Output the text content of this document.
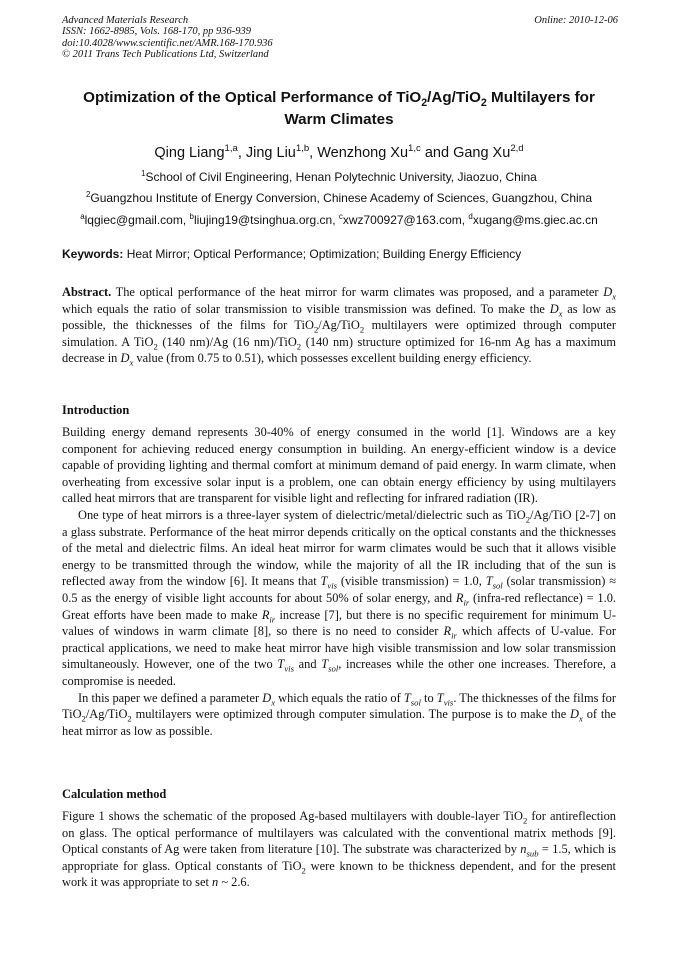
Advanced Materials Research
ISSN: 1662-8985, Vols. 168-170, pp 936-939
doi:10.4028/www.scientific.net/AMR.168-170.936
© 2011 Trans Tech Publications Ltd, Switzerland
Online: 2010-12-06
Optimization of the Optical Performance of TiO$_2$/Ag/TiO$_2$ Multilayers for
Warm Climates
Qing Liang$^{1,a}$, Jing Liu$^{1,b}$, Wenzhong Xu$^{1,c}$ and Gang Xu$^{2,d}$
$^1$School of Civil Engineering, Henan Polytechnic University, Jiaozuo, China
$^2$Guangzhou Institute of Energy Conversion, Chinese Academy of Sciences, Guangzhou, China
$^a$lqgiec@gmail.com, $^b$liujing19@tsinghua.org.cn, $^c$xwz700927@163.com, $^d$xugang@ms.giec.ac.cn
Keywords: Heat Mirror; Optical Performance; Optimization; Building Energy Efficiency

Abstract. The optical performance of the heat mirror for warm climates was proposed, and a parameter $D_x$ which equals the ratio of solar transmission to visible transmission was defined. To make the $D_x$ as low as possible, the thicknesses of the films for TiO$_2$/Ag/TiO$_2$ multilayers were optimized through computer simulation. A TiO$_2$ (140 nm)/Ag (16 nm)/TiO$_2$ (140 nm) structure optimized for 16-nm Ag has a maximum decrease in $D_x$ value (from 0.75 to 0.51), which possesses excellent building energy efficiency.

Introduction

Building energy demand represents 30-40% of energy consumed in the world [1]. Windows are a key component for achieving reduced energy consumption in building. An energy-efficient window is a device capable of providing lighting and thermal comfort at minimum demand of paid energy. In warm climate, when overheating from excessive solar input is a problem, one can obtain energy efficiency by using multilayers called heat mirrors that are transparent for visible light and reflecting for infrared radiation (IR).

One type of heat mirrors is a three-layer system of dielectric/metal/dielectric such as TiO$_2$/Ag/TiO [2-7] on a glass substrate. Performance of the heat mirror depends critically on the optical constants and the thicknesses of the metal and dielectric films. An ideal heat mirror for warm climates would be such that it allows visible energy to be transmitted through the window, while the majority of all the IR including that of the sun is reflected away from the window [6]. It means that $T_{vis}$ (visible transmission) = 1.0, $T_{sol}$ (solar transmission) ≈ 0.5 as the energy of visible light accounts for about 50% of solar energy, and $R_{ir}$ (infra-red reflectance) = 1.0. Great efforts have been made to make $R_{ir}$ increase [7], but there is no specific requirement for minimum U-values of windows in warm climate [8], so there is no need to consider $R_{ir}$ which affects of U-value. For practical applications, we need to make heat mirror have high visible transmission and low solar transmission simultaneously. However, one of the two $T_{vis}$ and $T_{sol}$, increases while the other one increases. Therefore, a compromise is needed.

In this paper we defined a parameter $D_x$ which equals the ratio of $T_{sol}$ to $T_{vis}$. The thicknesses of the films for TiO$_2$/Ag/TiO$_2$ multilayers were optimized through computer simulation. The purpose is to make the $D_x$ of the heat mirror as low as possible.

Calculation method

Figure 1 shows the schematic of the proposed Ag-based multilayers with double-layer TiO$_2$ for antireflection on glass. The optical performance of multilayers was calculated with the conventional matrix methods [9]. Optical constants of Ag were taken from literature [10]. The substrate was characterized by $n_{sub} = 1.5$, which is appropriate for glass. Optical constants of TiO$_2$ were known to be thickness dependent, and for the present work it was appropriate to set n ~ 2.6.
